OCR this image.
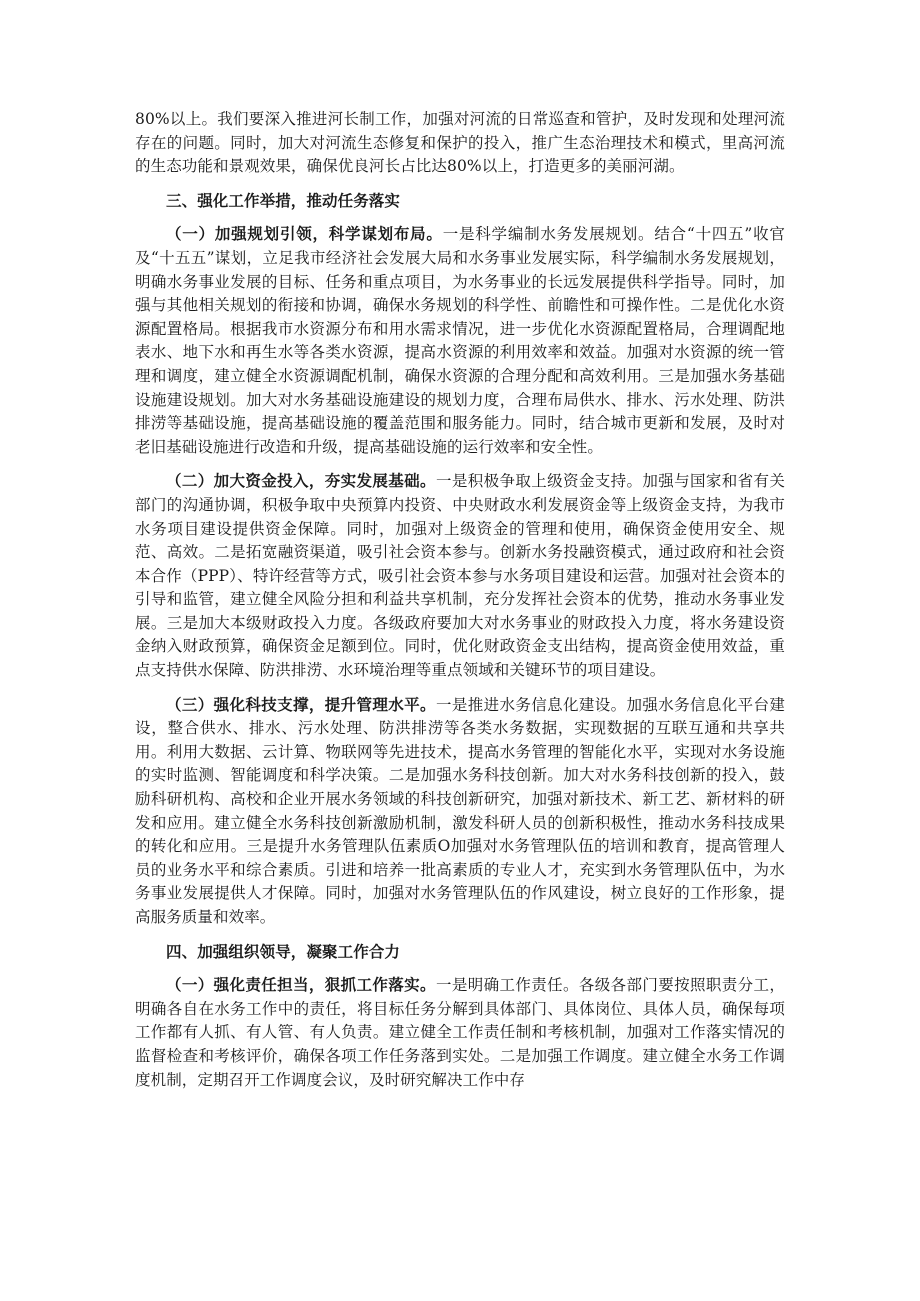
80%以上。我们要深入推进河长制工作，加强对河流的日常巡查和管护，及时发现和处理河流存在的问题。同时，加大对河流生态修复和保护的投入，推广生态治理技术和模式，里高河流的生态功能和景观效果，确保优良河长占比达80%以上，打造更多的美丽河湖。

三、强化工作举措，推动任务落实

（一）加强规划引领，科学谋划布局。一是科学编制水务发展规划。结合“十四五”收官及“十五五”谋划，立足我市经济社会发展大局和水务事业发展实际，科学编制水务发展规划，明确水务事业发展的目标、任务和重点项目，为水务事业的长远发展提供科学指导。同时，加强与其他相关规划的衔接和协调，确保水务规划的科学性、前瞻性和可操作性。二是优化水资源配置格局。根据我市水资源分布和用水需求情况，进一步优化水资源配置格局，合理调配地表水、地下水和再生水等各类水资源，提高水资源的利用效率和效益。加强对水资源的统一管理和调度，建立健全水资源调配机制，确保水资源的合理分配和高效利用。三是加强水务基础设施建设规划。加大对水务基础设施建设的规划力度，合理布局供水、排水、污水处理、防洪排涝等基础设施，提高基础设施的覆盖范围和服务能力。同时，结合城市更新和发展，及时对老旧基础设施进行改造和升级，提高基础设施的运行效率和安全性。

（二）加大资金投入，夯实发展基础。一是积极争取上级资金支持。加强与国家和省有关部门的沟通协调，积极争取中央预算内投资、中央财政水利发展资金等上级资金支持，为我市水务项目建设提供资金保障。同时，加强对上级资金的管理和使用，确保资金使用安全、规范、高效。二是拓宽融资渠道，吸引社会资本参与。创新水务投融资模式，通过政府和社会资本合作（PPP）、特许经营等方式，吸引社会资本参与水务项目建设和运营。加强对社会资本的引导和监管，建立健全风险分担和利益共享机制，充分发挥社会资本的优势，推动水务事业发展。三是加大本级财政投入力度。各级政府要加大对水务事业的财政投入力度，将水务建设资金纳入财政预算，确保资金足额到位。同时，优化财政资金支出结构，提高资金使用效益，重点支持供水保障、防洪排涝、水环境治理等重点领域和关键环节的项目建设。

（三）强化科技支撑，提升管理水平。一是推进水务信息化建设。加强水务信息化平台建设，整合供水、排水、污水处理、防洪排涝等各类水务数据，实现数据的互联互通和共享共用。利用大数据、云计算、物联网等先进技术，提高水务管理的智能化水平，实现对水务设施的实时监测、智能调度和科学决策。二是加强水务科技创新。加大对水务科技创新的投入，鼓励科研机构、高校和企业开展水务领域的科技创新研究，加强对新技术、新工艺、新材料的研发和应用。建立健全水务科技创新激励机制，激发科研人员的创新积极性，推动水务科技成果的转化和应用。三是提升水务管理队伍素质O加强对水务管理队伍的培训和教育，提高管理人员的业务水平和综合素质。引进和培养一批高素质的专业人才，充实到水务管理队伍中，为水务事业发展提供人才保障。同时，加强对水务管理队伍的作风建设，树立良好的工作形象，提高服务质量和效率。

四、加强组织领导，凝聚工作合力

（一）强化责任担当，狠抓工作落实。一是明确工作责任。各级各部门要按照职责分工，明确各自在水务工作中的责任，将目标任务分解到具体部门、具体岗位、具体人员，确保每项工作都有人抓、有人管、有人负责。建立健全工作责任制和考核机制，加强对工作落实情况的监督检查和考核评价，确保各项工作任务落到实处。二是加强工作调度。建立健全水务工作调度机制，定期召开工作调度会议，及时研究解决工作中存
